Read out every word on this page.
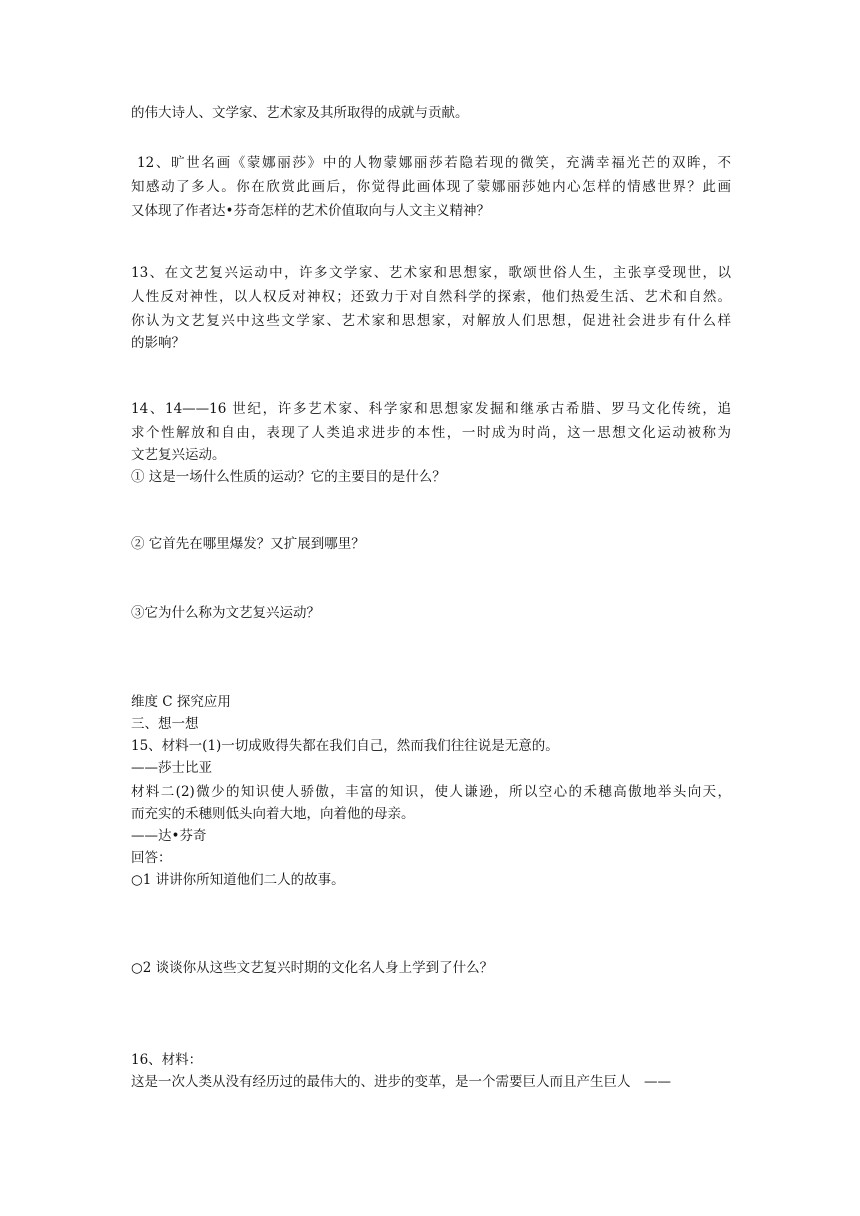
的伟大诗人、文学家、艺术家及其所取得的成就与贡献。
12、旷世名画《蒙娜丽莎》中的人物蒙娜丽莎若隐若现的微笑，充满幸福光芒的双眸，不
知感动了多人。你在欣赏此画后，你觉得此画体现了蒙娜丽莎她内心怎样的情感世界？此画
又体现了作者达•芬奇怎样的艺术价值取向与人文主义精神？
13、在文艺复兴运动中，许多文学家、艺术家和思想家，歌颂世俗人生，主张享受现世，以
人性反对神性，以人权反对神权；还致力于对自然科学的探索，他们热爱生活、艺术和自然。
你认为文艺复兴中这些文学家、艺术家和思想家，对解放人们思想，促进社会进步有什么样
的影响？
14、14——16 世纪，许多艺术家、科学家和思想家发掘和继承古希腊、罗马文化传统，追
求个性解放和自由，表现了人类追求进步的本性，一时成为时尚，这一思想文化运动被称为
文艺复兴运动。
① 这是一场什么性质的运动？它的主要目的是什么？
② 它首先在哪里爆发？又扩展到哪里？
③它为什么称为文艺复兴运动？
维度 C 探究应用
三、想一想
15、材料一(1)一切成败得失都在我们自己，然而我们往往说是无意的。
——莎士比亚
材料二(2)微少的知识使人骄傲，丰富的知识，使人谦逊，所以空心的禾穗高傲地举头向天，
而充实的禾穗则低头向着大地，向着他的母亲。
——达•芬奇
回答：
○1 讲讲你所知道他们二人的故事。
○2 谈谈你从这些文艺复兴时期的文化名人身上学到了什么？
16、材料：
这是一次人类从没有经历过的最伟大的、进步的变革，是一个需要巨人而且产生巨人　——
